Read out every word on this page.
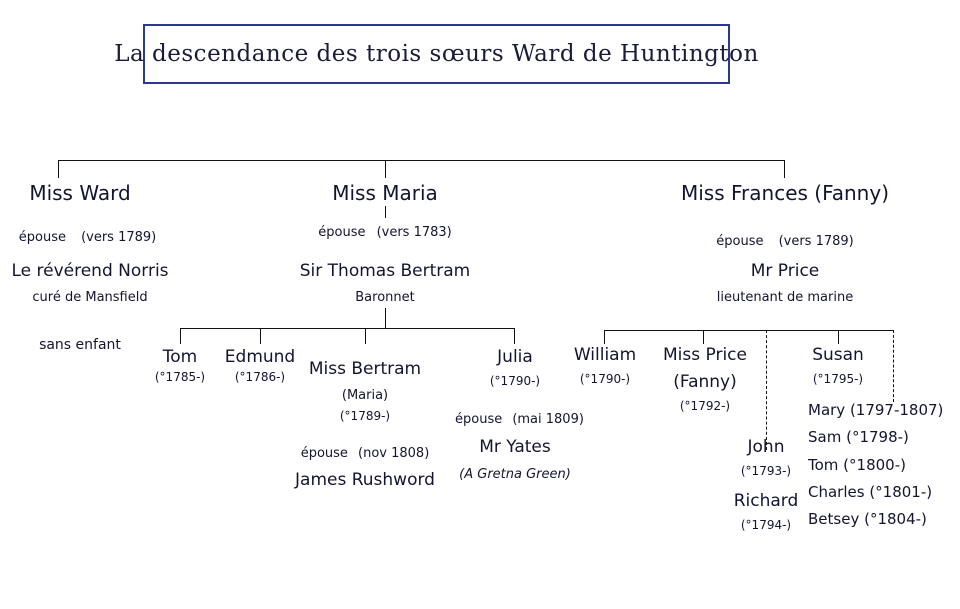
La descendance des trois sœurs Ward de Huntington
Miss Ward
épouse (vers 1789)
Le révérend Norris
curé de Mansfield
sans enfant
Miss Maria
épouse (vers 1783)
Sir Thomas Bertram
Baronnet
Tom
(°1785-)
Edmund
(°1786-)	Miss Bertram
(Maria)
(°1789-)
épouse (nov 1808)
James Rushword
Julia
(°1790-)
épouse (mai 1809)
Mr Yates
(A Gretna Green)
Miss Frances (Fanny)
épouse (vers 1789)
Mr Price
lieutenant de marine
William
(°1790-)
Miss Price
(Fanny)
(°1792-)
Susan
(°1795-)
John
(°1793-)
Richard
(°1794-)
Mary (1797-1807)
Sam (°1798-)
Tom (°1800-)
Charles (°1801-)
Betsey (°1804-)
